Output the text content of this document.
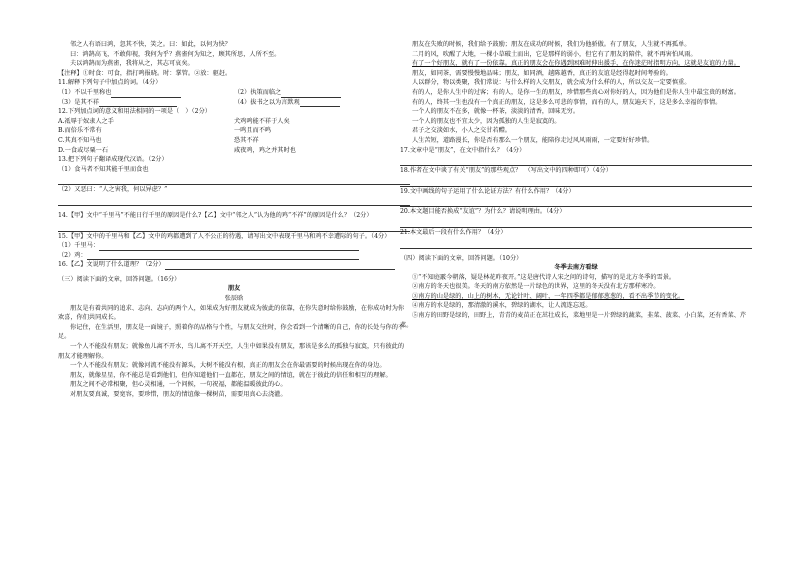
邻之人有语曰鸿，忽其不快，笑之。曰：如此，以何为快？

曰：鸿鹄高飞，不敢仰视，我何为乎？燕雀何为知之，顾其所思，人所不至。

夫以鸿鹄而为燕雀，我将从之，其志可哀矣。

【注释】①时食：可食，指打鸣报晓。时：掌管。②放：驱赶。

11.解释下列句子中加点的词。（4分）

（1）不以千里称也	（2）执策而临之
（3）是其不祥	（4）拔书之以为言默观

12.下列加点词的意义和用法相同的一项是（　）（2分）

A.祗辱于奴隶人之手	犬鸡鸣能不祥于人矣
B.而倍乐不常有	一鸣且而不鸣
C.其真不知马也	恐其不祥
D.一食或尽粟一石	咸夜鸡，鸡之并其时也

13.把下列句子翻译成现代汉语。（2分）

（1）食马者不知其能千里而食也

（2）又恶曰：“人之害我，何以异虑？”

14.【甲】文中“千里马”不能日行千里的原因是什么?【乙】文中“邻之人”认为他的鸡“不祥”的原因是什么？（2分）

15.【甲】文中的千里马和【乙】文中的鸡都遭到了人不公正的待遇，请写出文中表现千里马和鸡不幸遭际的句子。（4分）

（1）千里马：

（2）鸡：

16.【乙】文说明了什么道理？（2分）

（三）阅读下面的文章，回答问题。（16分）

朋友

张辰晗

朋友是有着共同的追求、志向、志向的两个人，如果成为好朋友就成为彼此的依靠，在你失意时给你鼓励，在你成功时为你欢喜，你们共同成长。

你记住，在生活里，朋友是一面镜子，照着你的品格与个性，与朋友交往时，你会看到一个清晰的自己，你的长处与你的不足。

一个人不能没有朋友；就像鱼儿离不开水，鸟儿离不开天空，人生中如果没有朋友，那该是多么的孤独与寂寞，只有彼此的朋友才能理解你。

一个人不能没有朋友；就像河流不能没有源头，大树不能没有根，真正的朋友会在你最需要的时候出现在你的身边。

朋友，就像星星，你不能总是看到他们，但你知道他们一直都在，朋友之间的情谊，就在于彼此的信任和相互的理解。

朋友之间不必常相聚，但心灵相通，一个问候，一句祝福，都能温暖彼此的心。

对朋友要真诚，要宽容，要珍惜，朋友的情谊像一棵树苗，需要用真心去浇灌。

朋友在失败的时候，我们给予鼓励；朋友在成功的时候，我们为他骄傲。有了朋友，人生就不再孤单。

二月的风，吹醒了大地，一棵小草破土而出，它是那样的弱小，但它有了朋友的陪伴，就不再害怕风雨。

有了一个好朋友，就有了一份依靠。真正的朋友会在你遇到困难时伸出援手，在你迷茫时指明方向，这就是友谊的力量。

朋友，如同茶，需要慢慢地品味；朋友，如同酒，越陈越香，真正的友谊是经得起时间考验的。

人以群分，物以类聚，我们常说：与什么样的人交朋友，就会成为什么样的人，所以交友一定要慎重。

有的人，是你人生中的过客；有的人，是你一生的朋友，珍惜那些真心对你好的人，因为他们是你人生中最宝贵的财富。

有的人，终其一生也没有一个真正的朋友，这是多么可悲的事情，而有的人，朋友遍天下，这是多么幸福的事情。

一个人的朋友不在多，就像一杯茶，淡淡的清香，回味无穷。

一个人的朋友也不宜太少，因为孤独的人生是寂寞的。

君子之交淡如水，小人之交甘若醴。

人生苦短，道路漫长，你是否有那么一个朋友，能陪你走过风风雨雨，一定要好好珍惜。

17.文章中是“朋友”，在文中指什么？（4分）

18.作者在文中谈了有关“朋友”的那些观点？　（写出文中的四种即可）（4分）

19.文中画线的句子运用了什么论证方法？有什么作用？（4分）

20.本文题目能否换成“友谊”？为什么？请说明理由。（4分）

21.本文最后一段有什么作用？（4分）

（四）阅读下面的文章，回答问题。（10分）

冬季去南方看绿

①“不知庭霰今朝落，疑是林花昨夜开。”这是唐代诗人宋之问的诗句，描写的是北方冬季的雪景。

②南方的冬天也很美。冬天的南方依然是一片绿色的世界，这里的冬天没有北方那样寒冷。

③南方的山是绿的，山上的树木，无论针叶、阔叶，一年四季都是郁郁葱葱的，看不出季节的变化。

④南方的水是绿的，那清澈的溪水，碧绿的湖水，让人流连忘返。

⑤南方的田野是绿的，田野上，青青的麦苗正在茁壮成长，菜地里是一片碧绿的蔬菜，韭菜、菠菜、小白菜，还有香菜、芹菜。
